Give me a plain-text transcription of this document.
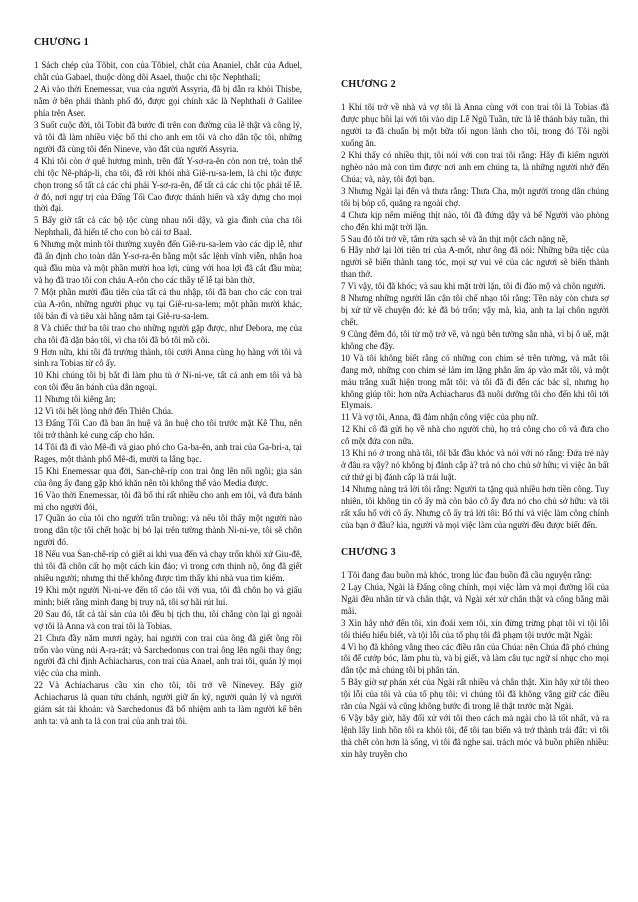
CHƯƠNG 1

1 Sách chép của Tôbit, con của Tôbiel, chắt của Ananiel, chắt của Aduel, chắt của Gabael, thuộc dòng dõi Asael, thuộc chi tộc Nephthali;

2 Ai vào thời Enemessar, vua của người Assyria, đã bị dẫn ra khỏi Thisbe, nằm ở bên phải thành phố đó, được gọi chính xác là Nephthali ở Galilee phía trên Aser.

3 Suốt cuộc đời, tôi Tobit đã bước đi trên con đường của lẽ thật và công lý, và tôi đã làm nhiều việc bố thí cho anh em tôi và cho dân tộc tôi, những người đã cùng tôi đến Nineve, vào đất của người Assyria.

4 Khi tôi còn ở quê hương mình, trên đất Y-sơ-ra-ên còn non trẻ, toàn thể chi tộc Nê-pháp-li, cha tôi, đã rời khỏi nhà Giê-ru-sa-lem, là chi tộc được chọn trong số tất cả các chi phái Y-sơ-ra-ên, để tất cả các chi tộc phải tế lễ. ở đó, nơi ngự trị của Đấng Tối Cao được thánh hiến và xây dựng cho mọi thời đại.

5 Bấy giờ tất cả các bộ tộc cùng nhau nổi dậy, và gia đình của cha tôi Nephthali, đã hiến tế cho con bò cái tơ Baal.

6 Nhưng một mình tôi thường xuyên đến Giê-ru-sa-lem vào các dịp lễ, như đã ấn định cho toàn dân Y-sơ-ra-ên bằng một sắc lệnh vĩnh viễn, nhận hoa quả đầu mùa và một phần mười hoa lợi, cùng với hoa lợi đã cắt đầu mùa; và họ đã trao tôi con cháu A-rôn cho các thầy tế lễ tại bàn thờ.

7 Một phần mười đầu tiên của tất cả thu nhập, tôi đã ban cho các con trai của A-rôn, những người phục vụ tại Giê-ru-sa-lem; một phần mười khác, tôi bán đi và tiêu xài hằng năm tại Giê-ru-sa-lem.

8 Và chiếc thứ ba tôi trao cho những người gặp được, như Debora, mẹ của cha tôi đã dặn bảo tôi, vì cha tôi đã bỏ tôi mồ côi.

9 Hơn nữa, khi tôi đã trưởng thành, tôi cưới Anna cùng họ hàng với tôi và sinh ra Tobias từ cô ấy.

10 Khi chúng tôi bị bắt đi làm phu tù ở Ni-ni-ve, tất cả anh em tôi và bà con tôi đều ăn bánh của dân ngoại.

11 Nhưng tôi kiêng ăn;

12 Vì tôi hết lòng nhớ đến Thiên Chúa.

13 Đấng Tối Cao đã ban ân huệ và ân huệ cho tôi trước mặt Kê Thu, nên tôi trở thành kẻ cung cấp cho hắn.

14 Tôi đã đi vào Mê-đi và giao phó cho Ga-ba-ên, anh trai của Ga-bri-a, tại Rages, một thành phố Mê-đi, mười ta lâng bạc.

15 Khi Enemessar qua đời, San-chê-ríp con trai ông lên nối ngôi; gia sản của ông ấy đang gặp khó khăn nên tôi không thể vào Media được.

16 Vào thời Enemessar, tôi đã bố thí rất nhiều cho anh em tôi, và đưa bánh mì cho người đói,

17 Quần áo của tôi cho người trần truồng: và nếu tôi thấy một người nào trong dân tộc tôi chết hoặc bị bỏ lại trên tường thành Ni-ni-ve, tôi sẽ chôn người đó.

18 Nếu vua San-chê-ríp có giết ai khi vua đến và chạy trốn khỏi xứ Giu-đê, thì tôi đã chôn cất họ một cách kín đáo; vì trong cơn thịnh nộ, ông đã giết nhiều người; nhưng thi thể không được tìm thấy khi nhà vua tìm kiếm.

19 Khi một người Ni-ni-ve đến tố cáo tôi với vua, tôi đã chôn họ và giấu mình; biết rằng mình đang bị truy nã, tôi sợ hãi rút lui.

20 Sau đó, tất cả tài sản của tôi đều bị tịch thu, tôi chẳng còn lại gì ngoài vợ tôi là Anna và con trai tôi là Tobias.

21 Chưa đầy năm mươi ngày, hai người con trai của ông đã giết ông rồi trốn vào vùng núi A-ra-rát; và Sarchedonus con trai ông lên ngôi thay ông; người đã chỉ định Achiacharus, con trai của Anael, anh trai tôi, quản lý mọi việc của cha mình.

22 Và Achiacharus cầu xin cho tôi, tôi trở về Ninevey. Bấy giờ Achiacharus là quan tửu chánh, người giữ ấn ký, người quản lý và người giám sát tài khoản: và Sarchedonus đã bổ nhiệm anh ta làm người kế bên anh ta: và anh ta là con trai của anh trai tôi.

CHƯƠNG 2

1 Khi tôi trở về nhà và vợ tôi là Anna cùng với con trai tôi là Tobias đã được phục hồi lại với tôi vào dịp Lễ Ngũ Tuần, tức là lễ thánh bảy tuần, thì người ta đã chuẩn bị một bữa tối ngon lành cho tôi, trong đó Tôi ngồi xuống ăn.

2 Khi thấy có nhiều thịt, tôi nói với con trai tôi rằng: Hãy đi kiếm người nghèo nào mà con tìm được nơi anh em chúng ta, là những người nhớ đến Chúa; và, này, tôi đợi bạn.

3 Nhưng Ngài lại đến và thưa rằng: Thưa Cha, một người trong dân chúng tôi bị bóp cổ, quăng ra ngoài chợ.

4 Chưa kịp nếm miếng thịt nào, tôi đã đứng dậy và bế Người vào phòng cho đến khi mặt trời lặn.

5 Sau đó tôi trở về, tắm rửa sạch sẽ và ăn thịt một cách nặng nề,

6 Hãy nhớ lại lời tiên tri của A-mốt, như ông đã nói: Những bữa tiệc của người sẽ biến thành tang tóc, mọi sự vui vẻ của các ngươi sẽ biến thành than thở.

7 Vì vậy, tôi đã khóc; và sau khi mặt trời lặn, tôi đi đào mộ và chôn người.

8 Nhưng những người lân cận tôi chế nhạo tôi rằng: Tên này còn chưa sợ bị xử tử về chuyện đó: kẻ đã bỏ trốn; vậy mà, kìa, anh ta lại chôn người chết.

9 Cũng đêm đó, tôi từ mộ trở về, và ngủ bên tường sân nhà, vì bị ô uế, mặt không che đậy.

10 Và tôi không biết rằng có những con chim sẻ trên tường, và mắt tôi đang mở, những con chim sẻ làm im lặng phân ấm áp vào mắt tôi, và một màu trắng xuất hiện trong mắt tôi: và tôi đã đi đến các bác sĩ, nhưng họ không giúp tôi: hơn nữa Achiacharus đã nuôi dưỡng tôi cho đến khi tôi tới Elymais.

11 Và vợ tôi, Anna, đã đảm nhận công việc của phụ nữ.

12 Khi cô đã gửi họ về nhà cho người chủ, họ trả công cho cô và đưa cho cô một đứa con nữa.

13 Khi nó ở trong nhà tôi, tôi bắt đầu khóc và nói với nó rằng: Đứa trẻ này ở đâu ra vậy? nó không bị đánh cắp à? trả nó cho chủ sở hữu; vì việc ăn bất cứ thứ gì bị đánh cắp là trái luật.

14 Nhưng nàng trả lời tôi rằng: Người ta tặng quà nhiều hơn tiền công. Tuy nhiên, tôi không tin cô ấy mà còn bảo cô ấy đưa nó cho chủ sở hữu: và tôi rất xấu hổ với cô ấy. Nhưng cô ấy trả lời tôi: Bố thí và việc làm công chính của bạn ở đâu? kìa, người và mọi việc làm của người đều được biết đến.

CHƯƠNG 3

1 Tôi đang đau buồn mà khóc, trong lúc đau buồn đã cầu nguyện rằng:

2 Lạy Chúa, Ngài là Đấng công chính, mọi việc làm và mọi đường lối của Ngài đều nhân từ và chân thật, và Ngài xét xử chân thật và công bằng mãi mãi.

3 Xin hãy nhớ đến tôi, xin đoái xem tôi, xin đừng trừng phạt tôi vì tội lỗi tôi thiếu hiểu biết, và tội lỗi của tổ phụ tôi đã phạm tội trước mặt Ngài:

4 Vì họ đã không vâng theo các điều răn của Chúa: nên Chúa đã phó chúng tôi để cướp bóc, làm phu tù, và bị giết, và làm câu tục ngữ sỉ nhục cho mọi dân tộc mà chúng tôi bị phân tán.

5 Bây giờ sự phán xét của Ngài rất nhiều và chân thật. Xin hãy xử tôi theo tội lỗi của tôi và của tổ phụ tôi: vì chúng tôi đã không vâng giữ các điều răn của Ngài và cũng không bước đi trong lẽ thật trước mặt Ngài.

6 Vậy bây giờ, hãy đối xử với tôi theo cách mà ngài cho là tốt nhất, và ra lệnh lấy linh hồn tôi ra khỏi tôi, để tôi tan biến và trở thành trái đất: vì tôi thà chết còn hơn là sống, vì tôi đã nghe sai. trách móc và buồn phiền nhiều: xin hãy truyền cho
